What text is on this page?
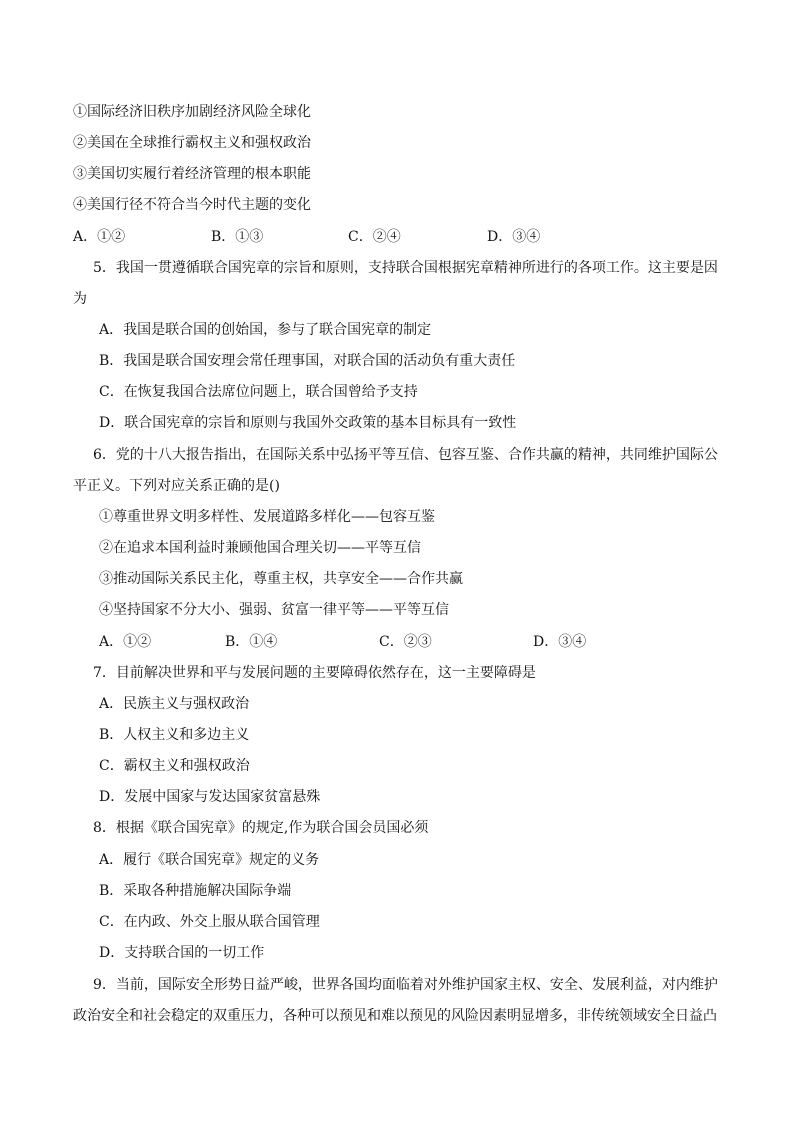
①国际经济旧秩序加剧经济风险全球化
②美国在全球推行霸权主义和强权政治
③美国切实履行着经济管理的根本职能
④美国行径不符合当今时代主题的变化
A．①②	B．①③	C．②④	D．③④
5．我国一贯遵循联合国宪章的宗旨和原则，支持联合国根据宪章精神所进行的各项工作。这主要是因
为
A．我国是联合国的创始国，参与了联合国宪章的制定
B．我国是联合国安理会常任理事国，对联合国的活动负有重大责任
C．在恢复我国合法席位问题上，联合国曾给予支持
D．联合国宪章的宗旨和原则与我国外交政策的基本目标具有一致性
6．党的十八大报告指出，在国际关系中弘扬平等互信、包容互鉴、合作共赢的精神，共同维护国际公
平正义。下列对应关系正确的是()
①尊重世界文明多样性、发展道路多样化——包容互鉴
②在追求本国利益时兼顾他国合理关切——平等互信
③推动国际关系民主化，尊重主权，共享安全——合作共赢
④坚持国家不分大小、强弱、贫富一律平等——平等互信
A．①②	B．①④	C．②③	D．③④
7．目前解决世界和平与发展问题的主要障碍依然存在，这一主要障碍是
A．民族主义与强权政治
B．人权主义和多边主义
C．霸权主义和强权政治
D．发展中国家与发达国家贫富悬殊
8．根据《联合国宪章》的规定,作为联合国会员国必须
A．履行《联合国宪章》规定的义务
B．采取各种措施解决国际争端
C．在内政、外交上服从联合国管理
D．支持联合国的一切工作
9．当前，国际安全形势日益严峻，世界各国均面临着对外维护国家主权、安全、发展利益，对内维护
政治安全和社会稳定的双重压力，各种可以预见和难以预见的风险因素明显增多，非传统领域安全日益凸
